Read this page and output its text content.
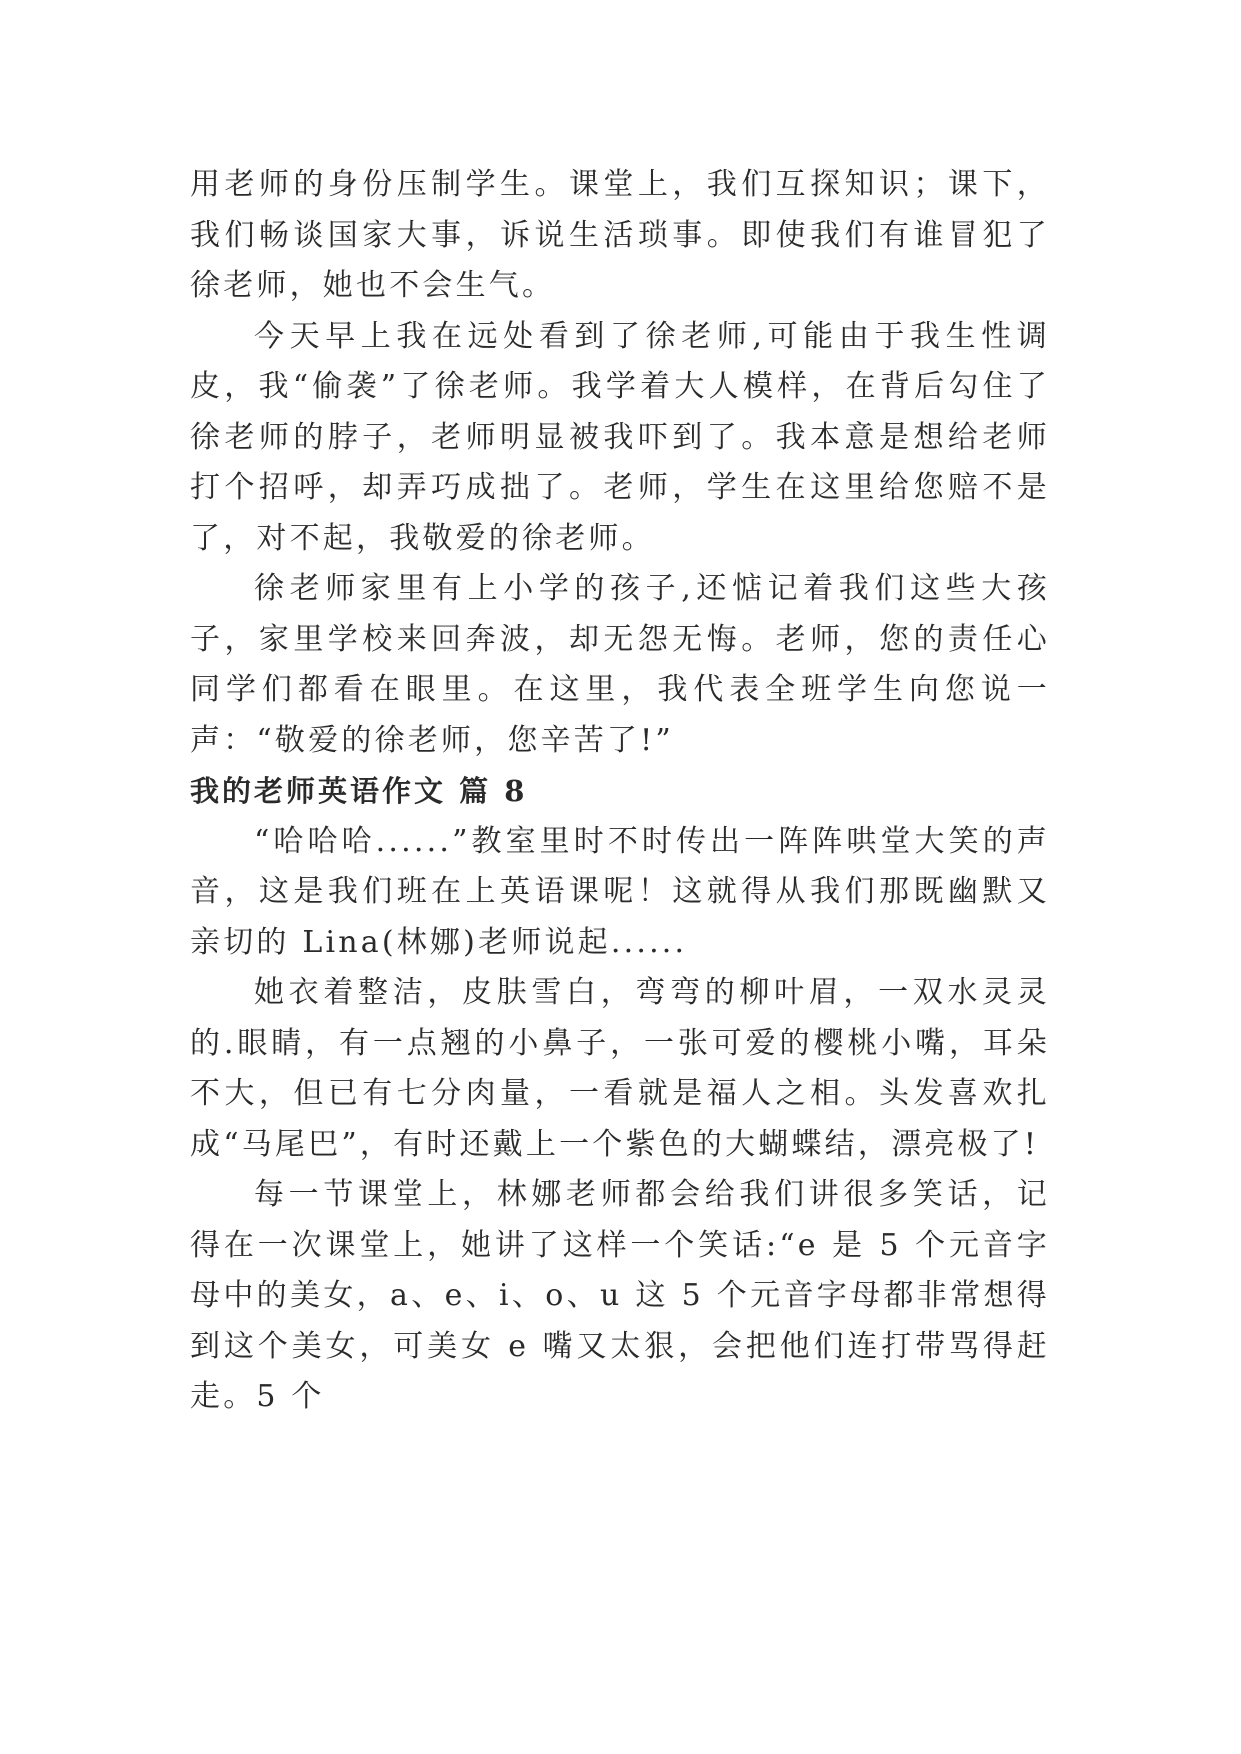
用老师的身份压制学生。课堂上，我们互探知识；课下，我们畅谈国家大事，诉说生活琐事。即使我们有谁冒犯了徐老师，她也不会生气。

今天早上我在远处看到了徐老师,可能由于我生性调皮，我“偷袭”了徐老师。我学着大人模样，在背后勾住了徐老师的脖子，老师明显被我吓到了。我本意是想给老师打个招呼，却弄巧成拙了。老师，学生在这里给您赔不是了，对不起，我敬爱的徐老师。

徐老师家里有上小学的孩子,还惦记着我们这些大孩子，家里学校来回奔波，却无怨无悔。老师，您的责任心同学们都看在眼里。在这里，我代表全班学生向您说一声：“敬爱的徐老师，您辛苦了!”

我的老师英语作文 篇 8

“哈哈哈......”教室里时不时传出一阵阵哄堂大笑的声音，这是我们班在上英语课呢！这就得从我们那既幽默又亲切的 Lina(林娜)老师说起......

她衣着整洁，皮肤雪白，弯弯的柳叶眉，一双水灵灵的.眼睛，有一点翘的小鼻子，一张可爱的樱桃小嘴，耳朵不大，但已有七分肉量，一看就是福人之相。头发喜欢扎成“马尾巴”，有时还戴上一个紫色的大蝴蝶结，漂亮极了!

每一节课堂上，林娜老师都会给我们讲很多笑话，记得在一次课堂上，她讲了这样一个笑话:“e 是 5 个元音字母中的美女，a、e、i、o、u 这 5 个元音字母都非常想得到这个美女，可美女 e 嘴又太狠，会把他们连打带骂得赶走。5 个
